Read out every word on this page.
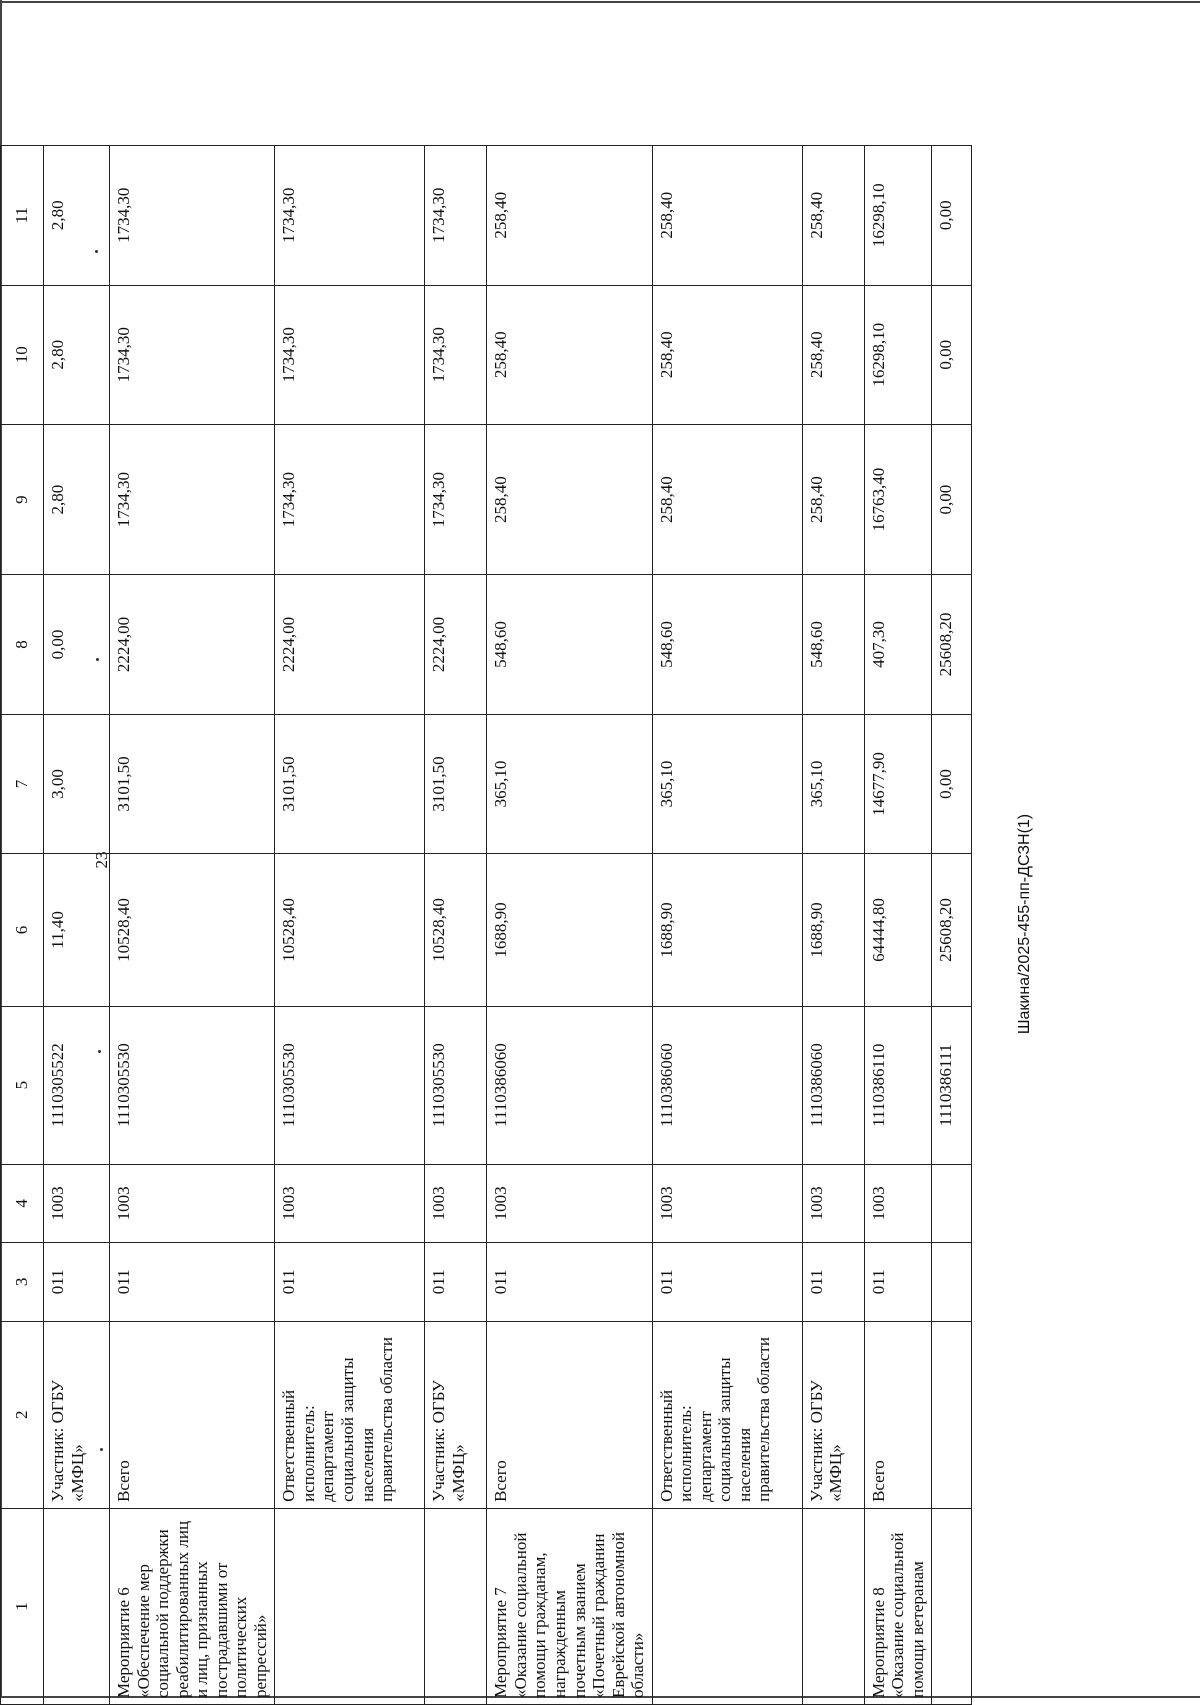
23	Шакина/2025-455-пп-ДСЗН(1)
1	2	3	4	5	6	7	8	9	10	11
	Участник: ОГБУ «МФЦ»	011	1003	1110305522	11,40	3,00	0,00	2,80	2,80	2,80
Мероприятие 6 «Обеспечение мер социальной поддержки реабилитированных лиц и лиц, признанных пострадавшими от политических репрессий»	Всего	011	1003	1110305530	10528,40	3101,50	2224,00	1734,30	1734,30	1734,30
	Ответственный исполнитель: департамент социальной защиты населения правительства области	011	1003	1110305530	10528,40	3101,50	2224,00	1734,30	1734,30	1734,30
	Участник: ОГБУ «МФЦ»	011	1003	1110305530	10528,40	3101,50	2224,00	1734,30	1734,30	1734,30
Мероприятие 7 «Оказание социальной помощи гражданам, награжденным почетным званием «Почетный гражданин Еврейской автономной области»	Всего	011	1003	1110386060	1688,90	365,10	548,60	258,40	258,40	258,40
	Ответственный исполнитель: департамент социальной защиты населения правительства области	011	1003	1110386060	1688,90	365,10	548,60	258,40	258,40	258,40
	Участник: ОГБУ «МФЦ»	011	1003	1110386060	1688,90	365,10	548,60	258,40	258,40	258,40
Мероприятие 8 «Оказание социальной помощи ветеранам	Всего	011	1003	1110386110	64444,80	14677,90	407,30	16763,40	16298,10	16298,10
				1110386111	25608,20	0,00	25608,20	0,00	0,00	0,00
